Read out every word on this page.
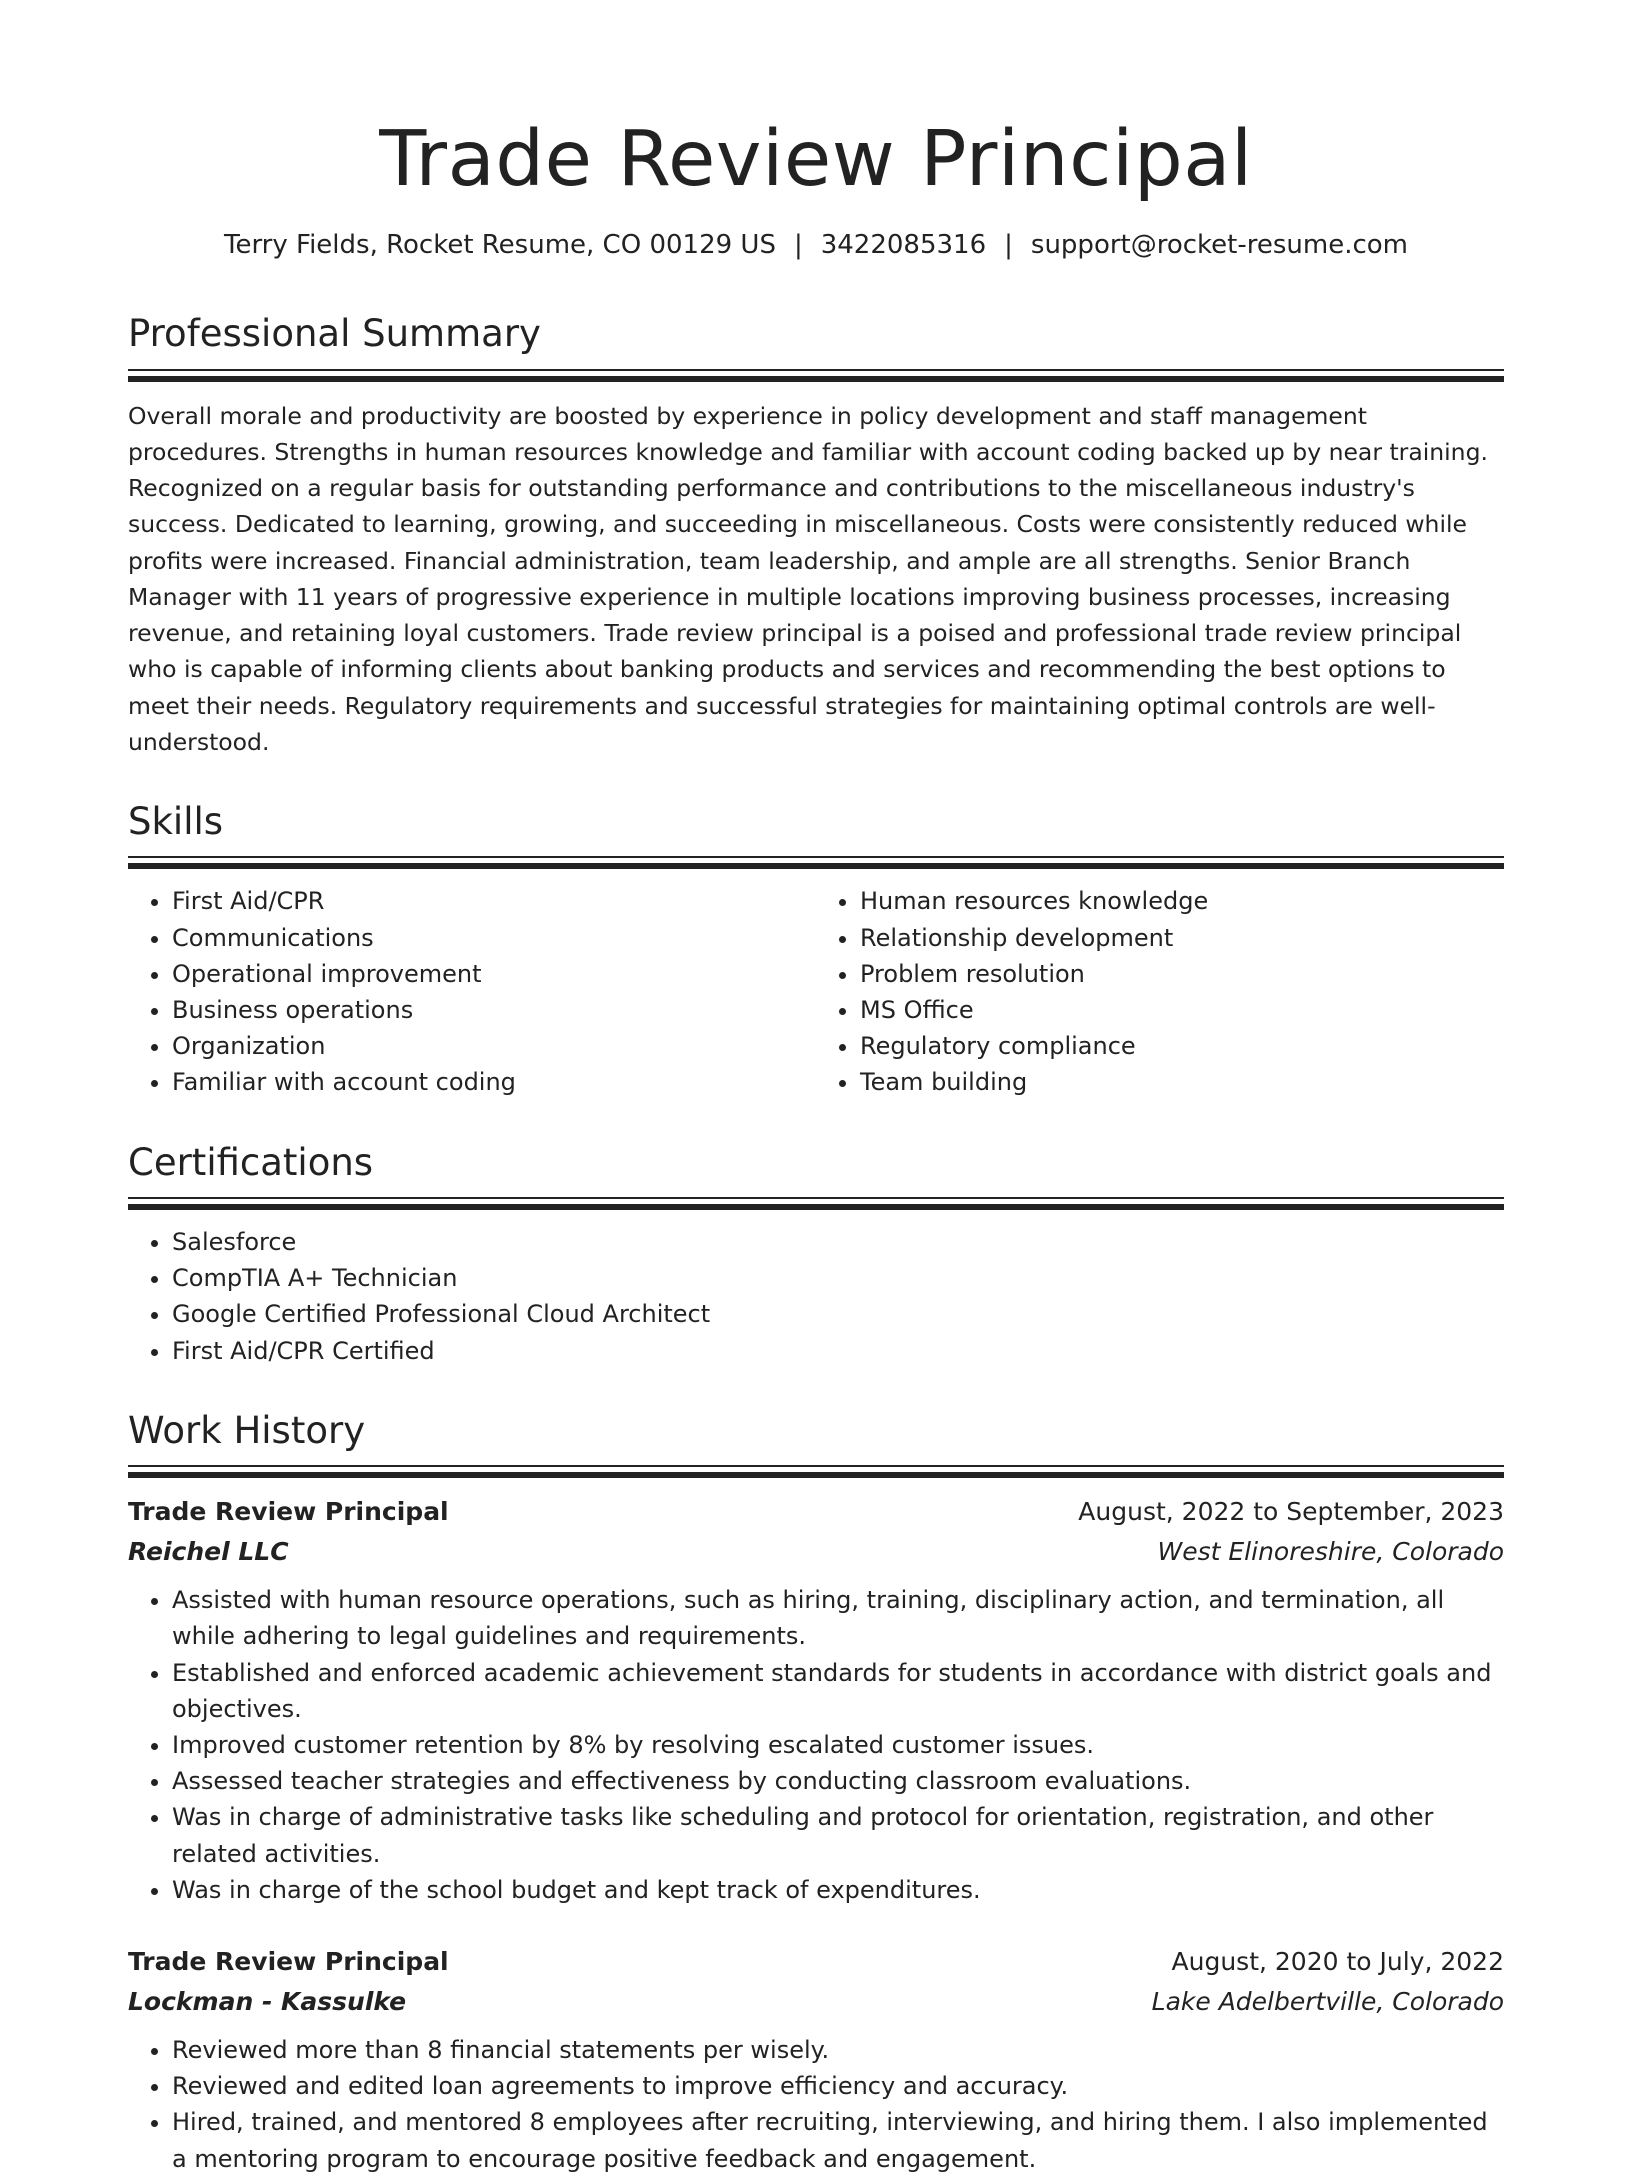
Trade Review Principal
Terry Fields, Rocket Resume, CO 00129 US | 3422085316 | support@rocket-resume.com
Professional Summary
Overall morale and productivity are boosted by experience in policy development and staff management procedures. Strengths in human resources knowledge and familiar with account coding backed up by near training. Recognized on a regular basis for outstanding performance and contributions to the miscellaneous industry's success. Dedicated to learning, growing, and succeeding in miscellaneous. Costs were consistently reduced while profits were increased. Financial administration, team leadership, and ample are all strengths. Senior Branch Manager with 11 years of progressive experience in multiple locations improving business processes, increasing revenue, and retaining loyal customers. Trade review principal is a poised and professional trade review principal who is capable of informing clients about banking products and services and recommending the best options to meet their needs. Regulatory requirements and successful strategies for maintaining optimal controls are well-understood.
Skills
• First Aid/CPR
• Communications
• Operational improvement
• Business operations
• Organization
• Familiar with account coding
• Human resources knowledge
• Relationship development
• Problem resolution
• MS Office
• Regulatory compliance
• Team building
Certifications
• Salesforce
• CompTIA A+ Technician
• Google Certified Professional Cloud Architect
• First Aid/CPR Certified
Work History
Trade Review Principal	August, 2022 to September, 2023
Reichel LLC	West Elinoreshire, Colorado
• Assisted with human resource operations, such as hiring, training, disciplinary action, and termination, all while adhering to legal guidelines and requirements.
• Established and enforced academic achievement standards for students in accordance with district goals and objectives.
• Improved customer retention by 8% by resolving escalated customer issues.
• Assessed teacher strategies and effectiveness by conducting classroom evaluations.
• Was in charge of administrative tasks like scheduling and protocol for orientation, registration, and other related activities.
• Was in charge of the school budget and kept track of expenditures.
Trade Review Principal	August, 2020 to July, 2022
Lockman - Kassulke	Lake Adelbertville, Colorado
• Reviewed more than 8 financial statements per wisely.
• Reviewed and edited loan agreements to improve efficiency and accuracy.
• Hired, trained, and mentored 8 employees after recruiting, interviewing, and hiring them. I also implemented a mentoring program to encourage positive feedback and engagement.
